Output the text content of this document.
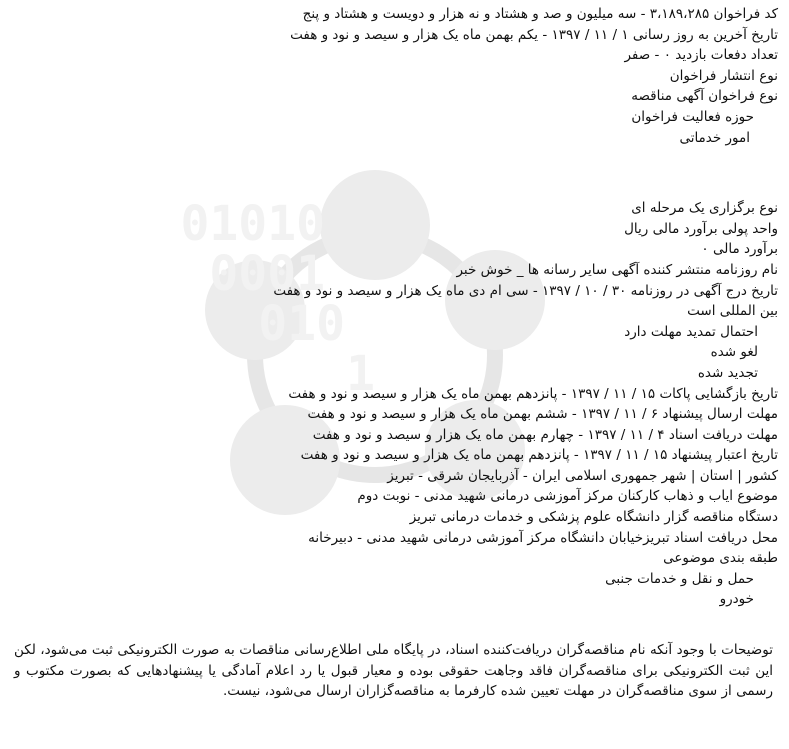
01010
0001
010
1
کد فراخوان ۳،۱۸۹،۲۸۵ - سه میلیون و صد و هشتاد و نه هزار و دویست و هشتاد و پنج
تاریخ آخرین به روز رسانی ۱ / ۱۱ / ۱۳۹۷ - یکم بهمن ماه یک هزار و سیصد و نود و هفت
تعداد دفعات بازدید ۰ - صفر
نوع انتشار فراخوان
نوع فراخوان آگهی مناقصه
حوزه فعالیت فراخوان
امور خدماتی
نوع برگزاری یک مرحله ای
واحد پولی برآورد مالی ریال
برآورد مالی ۰
نام روزنامه منتشر کننده آگهی سایر رسانه ها _ خوش خبر
تاریخ درج آگهی در روزنامه ۳۰ / ۱۰ / ۱۳۹۷ - سی ام دی ماه یک هزار و سیصد و نود و هفت
بین المللی است
احتمال تمدید مهلت دارد
لغو شده
تجدید شده
تاریخ بازگشایی پاکات ۱۵ / ۱۱ / ۱۳۹۷ - پانزدهم بهمن ماه یک هزار و سیصد و نود و هفت
مهلت ارسال پیشنهاد ۶ / ۱۱ / ۱۳۹۷ - ششم بهمن ماه یک هزار و سیصد و نود و هفت
مهلت دریافت اسناد ۴ / ۱۱ / ۱۳۹۷ - چهارم بهمن ماه یک هزار و سیصد و نود و هفت
تاریخ اعتبار پیشنهاد ۱۵ / ۱۱ / ۱۳۹۷ - پانزدهم بهمن ماه یک هزار و سیصد و نود و هفت
کشور | استان | شهر جمهوری اسلامی ایران - آذربایجان شرقی - تبریز
موضوع ایاب و ذهاب کارکنان مرکز آموزشی درمانی شهید مدنی - نوبت دوم
دستگاه مناقصه گزار دانشگاه علوم پزشکی و خدمات درمانی تبریز
محل دریافت اسناد تبریزخیابان دانشگاه مرکز آموزشی درمانی شهید مدنی - دبیرخانه
طبقه بندی موضوعی
حمل و نقل و خدمات جنبی
خودرو
توضیحات با وجود آنکه نام مناقصه‌گران دریافت‌کننده اسناد، در پایگاه ملی اطلاع‌رسانی مناقصات به صورت الکترونیکی ثبت می‌شود، لکن این ثبت الکترونیکی برای مناقصه‌گران فاقد وجاهت حقوقی بوده و معیار قبول یا رد اعلام آمادگی یا پیشنهادهایی که بصورت مکتوب و رسمی از سوی مناقصه‌گران در مهلت تعیین شده کارفرما به مناقصه‌گزاران ارسال می‌شود، نیست.
